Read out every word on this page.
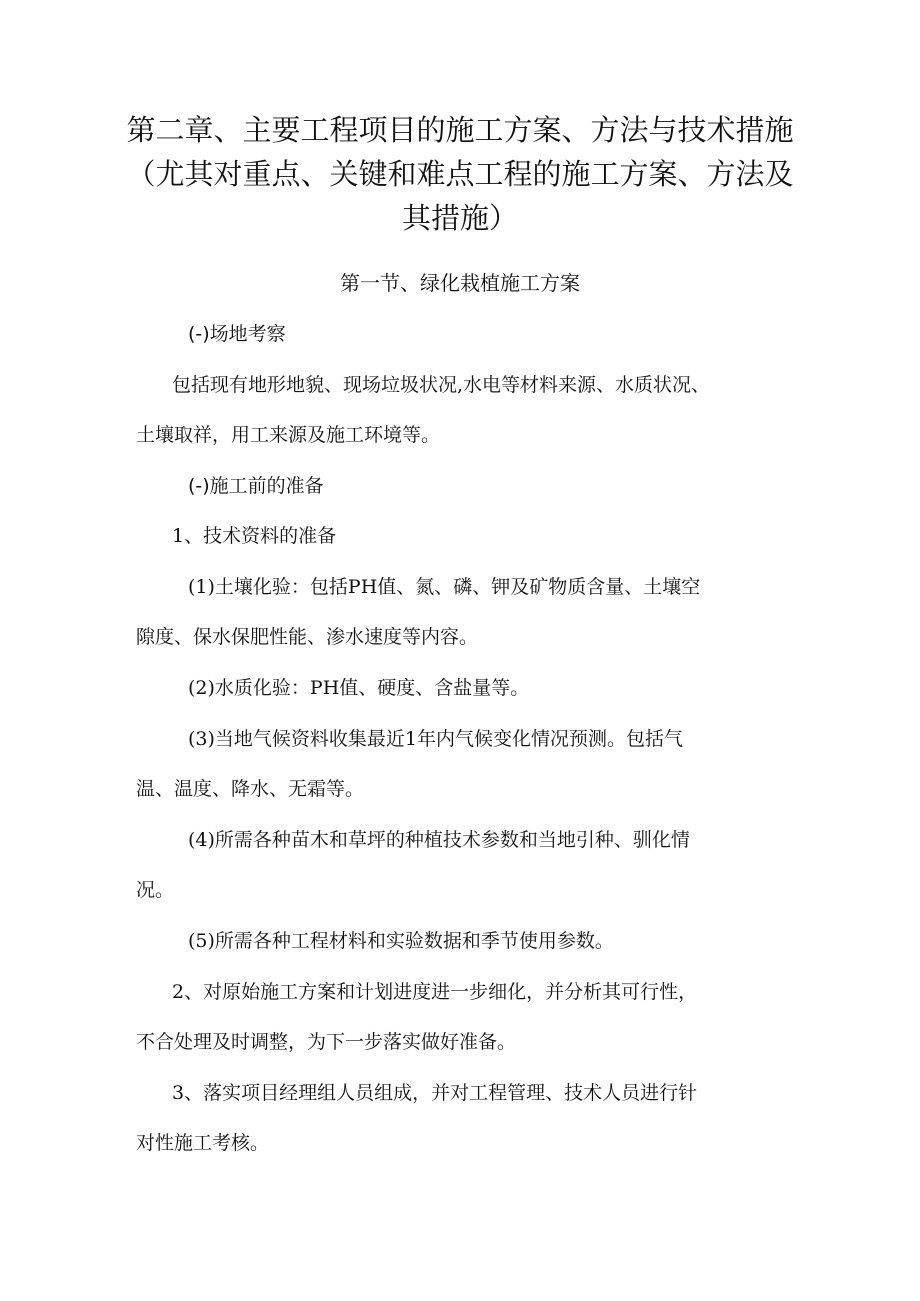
第二章、主要工程项目的施工方案、方法与技术措施
（尤其对重点、关键和难点工程的施工方案、方法及
其措施）
第一节、绿化栽植施工方案

(-)场地考察

包括现有地形地貌、现场垃圾状况,水电等材料来源、水质状况、

土壤取祥，用工来源及施工环境等。

(-)施工前的准备

1、技术资料的准备

(1)土壤化验：包括PH值、氮、磷、钾及矿物质含量、土壤空

隙度、保水保肥性能、渗水速度等内容。

(2)水质化验：PH值、硬度、含盐量等。

(3)当地气候资料收集最近1年内气候变化情况预测。包括气

温、温度、降水、无霜等。

(4)所需各种苗木和草坪的种植技术参数和当地引种、驯化情

况。

(5)所需各种工程材料和实验数据和季节使用参数。

2、对原始施工方案和计划进度进一步细化，并分析其可行性，

不合处理及时调整，为下一步落实做好准备。

3、落实项目经理组人员组成，并对工程管理、技术人员进行针

对性施工考核。
